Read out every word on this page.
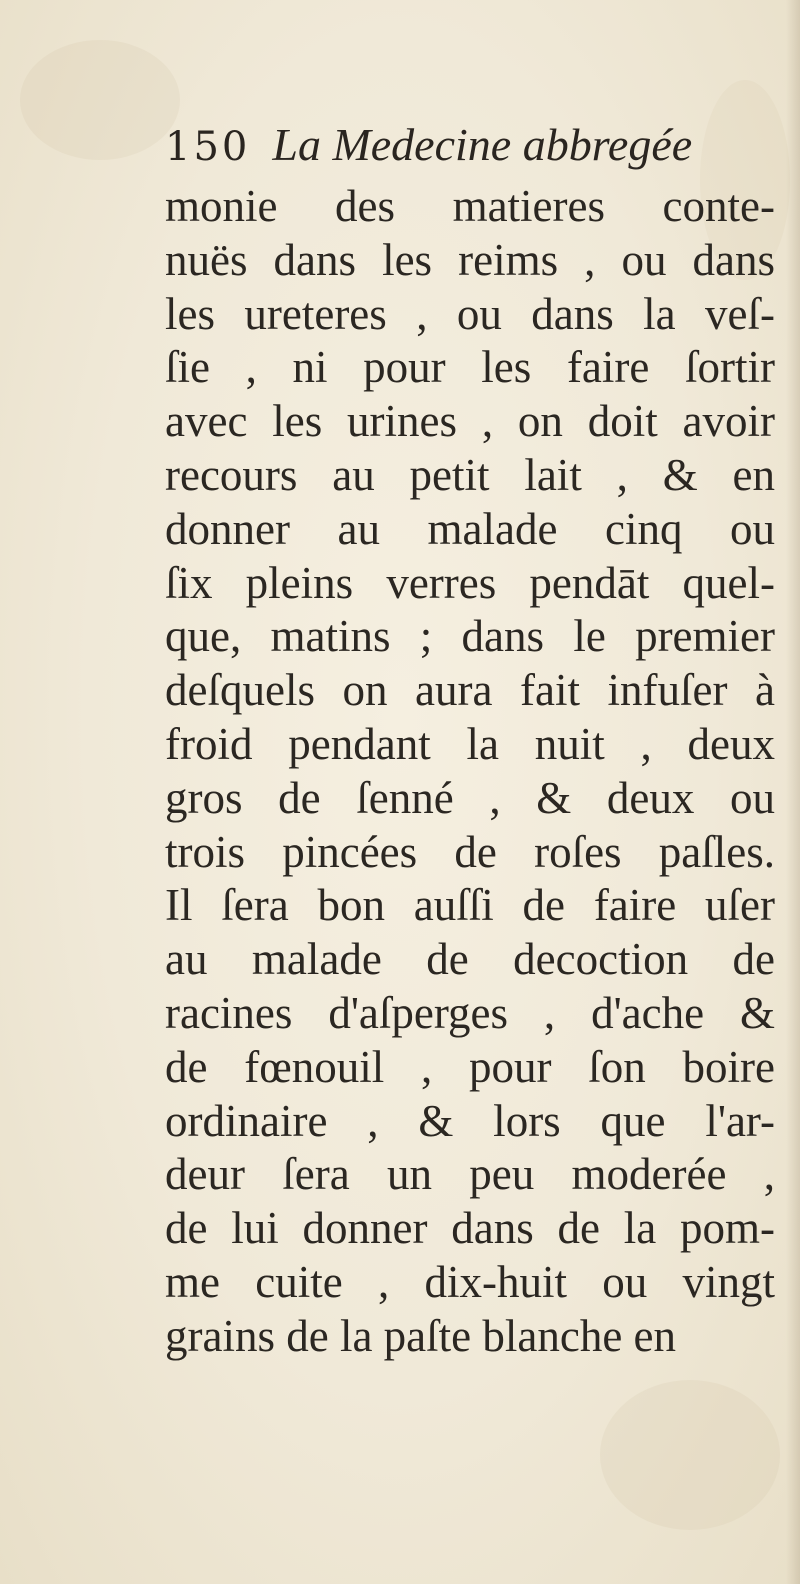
150 La Medecine abbregée
monie des matieres conte-
nuës dans les reims , ou dans
les ureteres , ou dans la veſ-
ſie , ni pour les faire ſortir
avec les urines , on doit avoir
recours au petit lait , & en
donner au malade cinq ou
ſix pleins verres pendāt quel-
que, matins ; dans le premier
deſquels on aura fait infuſer à
froid pendant la nuit , deux
gros de ſenné , & deux ou
trois pincées de roſes paſles.
Il ſera bon auſſi de faire uſer
au malade de decoction de
racines d'aſperges , d'ache &
de fœnouil , pour ſon boire
ordinaire , & lors que l'ar-
deur ſera un peu moderée ,
de lui donner dans de la pom-
me cuite , dix-huit ou vingt
grains de la paſte blanche en
